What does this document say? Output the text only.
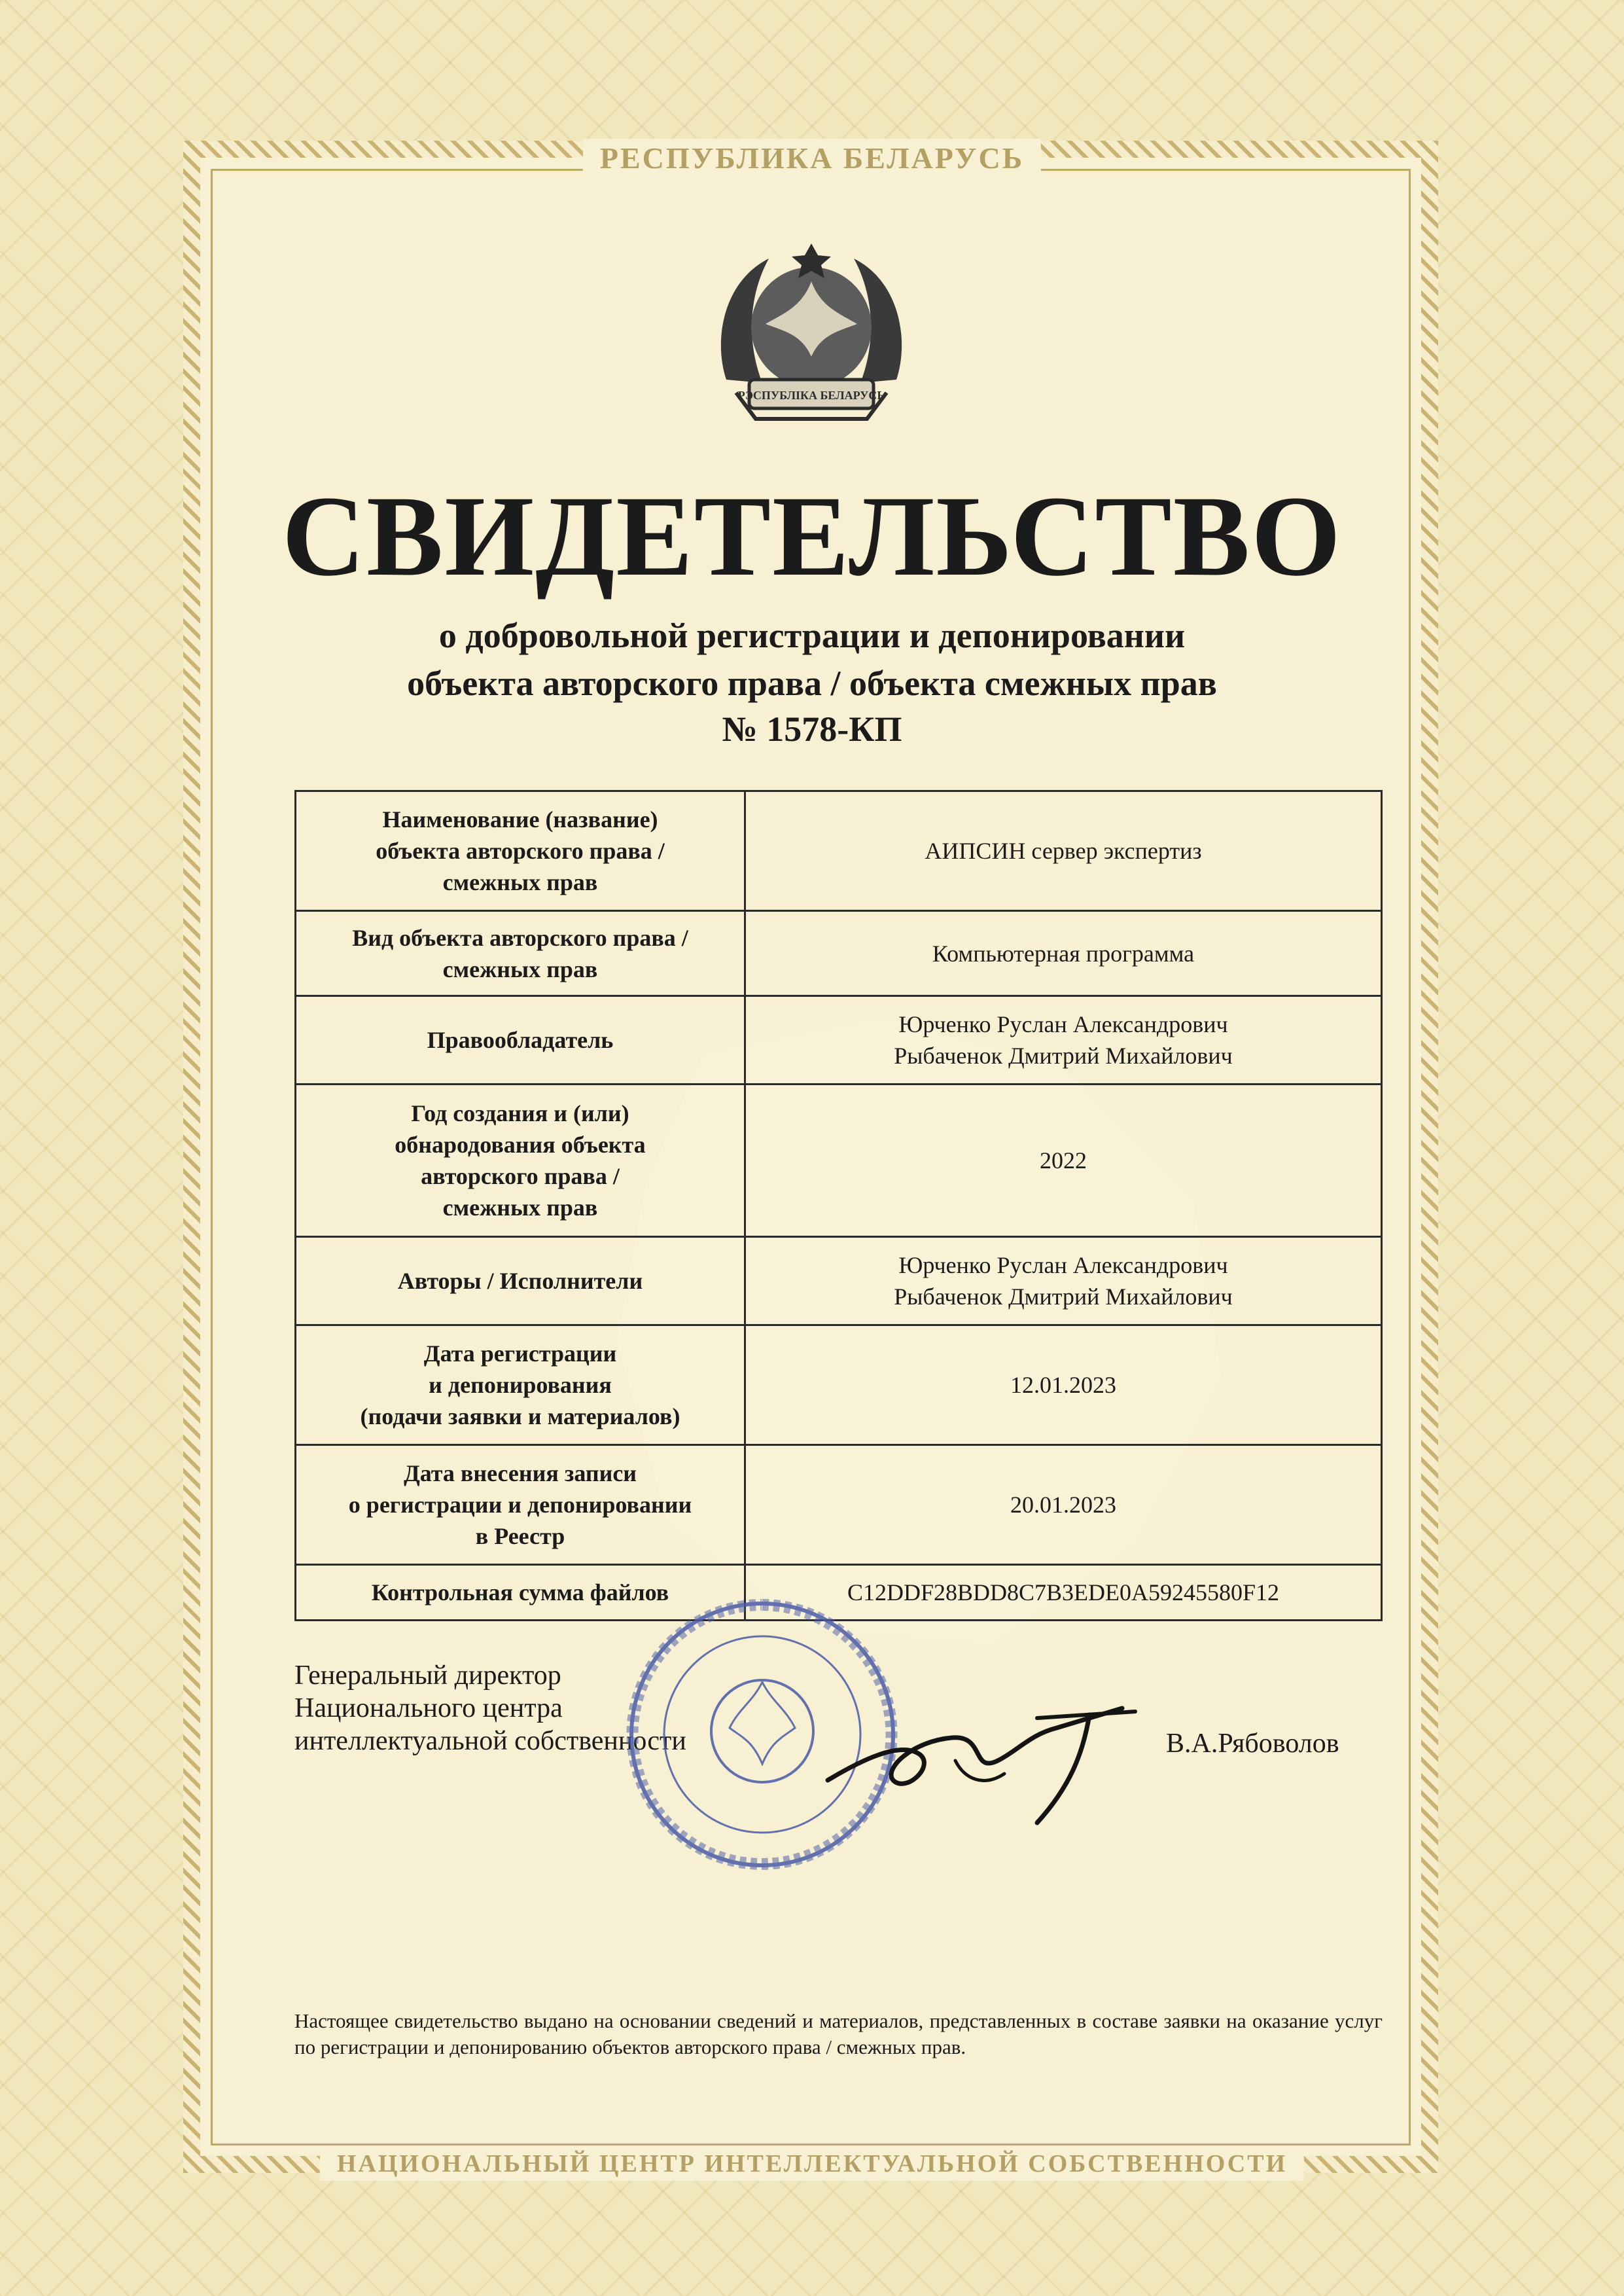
РЕСПУБЛИКА БЕЛАРУСЬ
РЭСПУБЛІКА БЕЛАРУСЬ
СВИДЕТЕЛЬСТВО
о добровольной регистрации и депонировании
объекта авторского права / объекта смежных прав
№ 1578-КП
Наименование (название)
объекта авторского права /
смежных прав	АИПСИН сервер экспертиз
Вид объекта авторского права /
смежных прав	Компьютерная программа
Правообладатель	Юрченко Руслан Александрович
Рыбаченок Дмитрий Михайлович
Год создания и (или)
обнародования объекта
авторского права /
смежных прав	2022
Авторы / Исполнители	Юрченко Руслан Александрович
Рыбаченок Дмитрий Михайлович
Дата регистрации
и депонирования
(подачи заявки и материалов)	12.01.2023
Дата внесения записи
о регистрации и депонировании
в Реестр	20.01.2023
Контрольная сумма файлов	C12DDF28BDD8C7B3EDE0A59245580F12
Генеральный директор
Национального центра
интеллектуальной собственности	В.А.Рябоволов
Настоящее свидетельство выдано на основании сведений и материалов, представленных в составе заявки на оказание услуг по регистрации и депонированию объектов авторского права / смежных прав.
НАЦИОНАЛЬНЫЙ ЦЕНТР ИНТЕЛЛЕКТУАЛЬНОЙ СОБСТВЕННОСТИ
